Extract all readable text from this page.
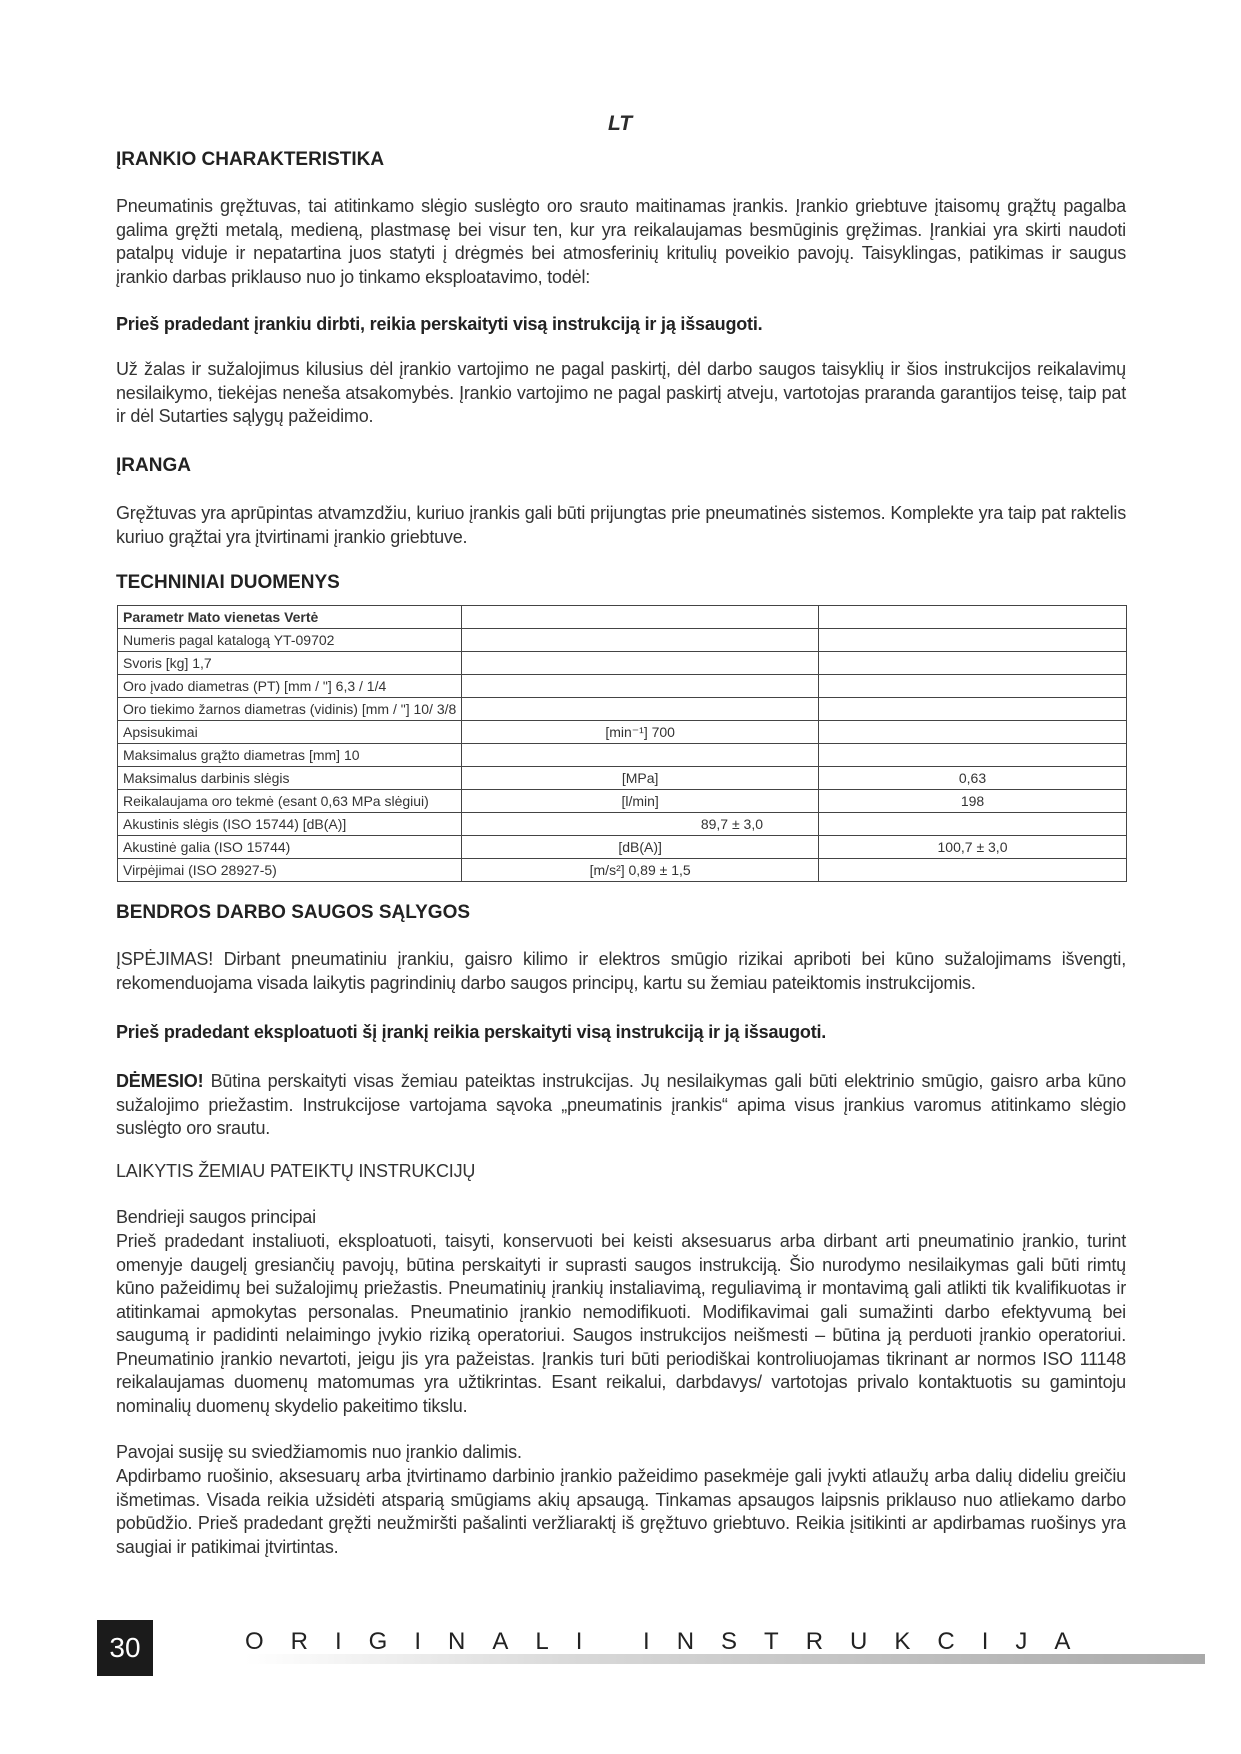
LT
ĮRANKIO CHARAKTERISTIKA
Pneumatinis gręžtuvas, tai atitinkamo slėgio suslėgto oro srauto maitinamas įrankis. Įrankio griebtuve įtaisomų grąžtų pagalba galima gręžti metalą, medieną, plastmasę bei visur ten, kur yra reikalaujamas besmūginis gręžimas. Įrankiai yra skirti naudoti patalpų viduje ir nepatartina juos statyti į drėgmės bei atmosferinių kritulių poveikio pavojų. Taisyklingas, patikimas ir saugus įrankio darbas priklauso nuo jo tinkamo eksploatavimo, todėl:
Prieš pradedant įrankiu dirbti, reikia perskaityti visą instrukciją ir ją išsaugoti.
Už žalas ir sužalojimus kilusius dėl įrankio vartojimo ne pagal paskirtį, dėl darbo saugos taisyklių ir šios instrukcijos reikalavimų nesilaikymo, tiekėjas neneša atsakomybės. Įrankio vartojimo ne pagal paskirtį atveju, vartotojas praranda garantijos teisę, taip pat ir dėl Sutarties sąlygų pažeidimo.
ĮRANGA
Gręžtuvas yra aprūpintas atvamzdžiu, kuriuo įrankis gali būti prijungtas prie pneumatinės sistemos. Komplekte yra taip pat raktelis kuriuo grąžtai yra įtvirtinami įrankio griebtuve.
TECHNINIAI DUOMENYS
Parametr Mato vienetas Vertė		
Numeris pagal katalogą YT-09702		
Svoris [kg] 1,7		
Oro įvado diametras (PT) [mm / "] 6,3 / 1/4		
Oro tiekimo žarnos diametras (vidinis) [mm / "] 10/ 3/8		
Apsisukimai	[min⁻¹] 700	
Maksimalus grąžto diametras [mm] 10		
Maksimalus darbinis slėgis	[MPa]	0,63
Reikalaujama oro tekmė (esant 0,63 MPa slėgiui)	[l/min]	198
Akustinis slėgis (ISO 15744) [dB(A)]	89,7 ± 3,0	
Akustinė galia (ISO 15744)	[dB(A)]	100,7 ± 3,0
Virpėjimai (ISO 28927-5)	[m/s²] 0,89 ± 1,5	
BENDROS DARBO SAUGOS SĄLYGOS
ĮSPĖJIMAS! Dirbant pneumatiniu įrankiu, gaisro kilimo ir elektros smūgio rizikai apriboti bei kūno sužalojimams išvengti, rekomenduojama visada laikytis pagrindinių darbo saugos principų, kartu su žemiau pateiktomis instrukcijomis.
Prieš pradedant eksploatuoti šį įrankį reikia perskaityti visą instrukciją ir ją išsaugoti.
DĖMESIO! Būtina perskaityti visas žemiau pateiktas instrukcijas. Jų nesilaikymas gali būti elektrinio smūgio, gaisro arba kūno sužalojimo priežastim. Instrukcijose vartojama sąvoka „pneumatinis įrankis“ apima visus įrankius varomus atitinkamo slėgio suslėgto oro srautu.
LAIKYTIS ŽEMIAU PATEIKTŲ INSTRUKCIJŲ
Bendrieji saugos principai
Prieš pradedant instaliuoti, eksploatuoti, taisyti, konservuoti bei keisti aksesuarus arba dirbant arti pneumatinio įrankio, turint omenyje daugelį gresiančių pavojų, būtina perskaityti ir suprasti saugos instrukciją. Šio nurodymo nesilaikymas gali būti rimtų kūno pažeidimų bei sužalojimų priežastis. Pneumatinių įrankių instaliavimą, reguliavimą ir montavimą gali atlikti tik kvalifikuotas ir atitinkamai apmokytas personalas. Pneumatinio įrankio nemodifikuoti. Modifikavimai gali sumažinti darbo efektyvumą bei saugumą ir padidinti nelaimingo įvykio riziką operatoriui. Saugos instrukcijos neišmesti – būtina ją perduoti įrankio operatoriui. Pneumatinio įrankio nevartoti, jeigu jis yra pažeistas. Įrankis turi būti periodiškai kontroliuojamas tikrinant ar normos ISO 11148 reikalaujamas duomenų matomumas yra užtikrintas. Esant reikalui, darbdavys/ vartotojas privalo kontaktuotis su gamintoju nominalių duomenų skydelio pakeitimo tikslu.
Pavojai susiję su sviedžiamomis nuo įrankio dalimis.
Apdirbamo ruošinio, aksesuarų arba įtvirtinamo darbinio įrankio pažeidimo pasekmėje gali įvykti atlaužų arba dalių dideliu greičiu išmetimas. Visada reikia užsidėti atsparią smūgiams akių apsaugą. Tinkamas apsaugos laipsnis priklauso nuo atliekamo darbo pobūdžio. Prieš pradedant gręžti neužmiršti pašalinti veržliaraktį iš gręžtuvo griebtuvo. Reikia įsitikinti ar apdirbamas ruošinys yra saugiai ir patikimai įtvirtintas.
30	ORIGINALI INSTRUKCIJA
